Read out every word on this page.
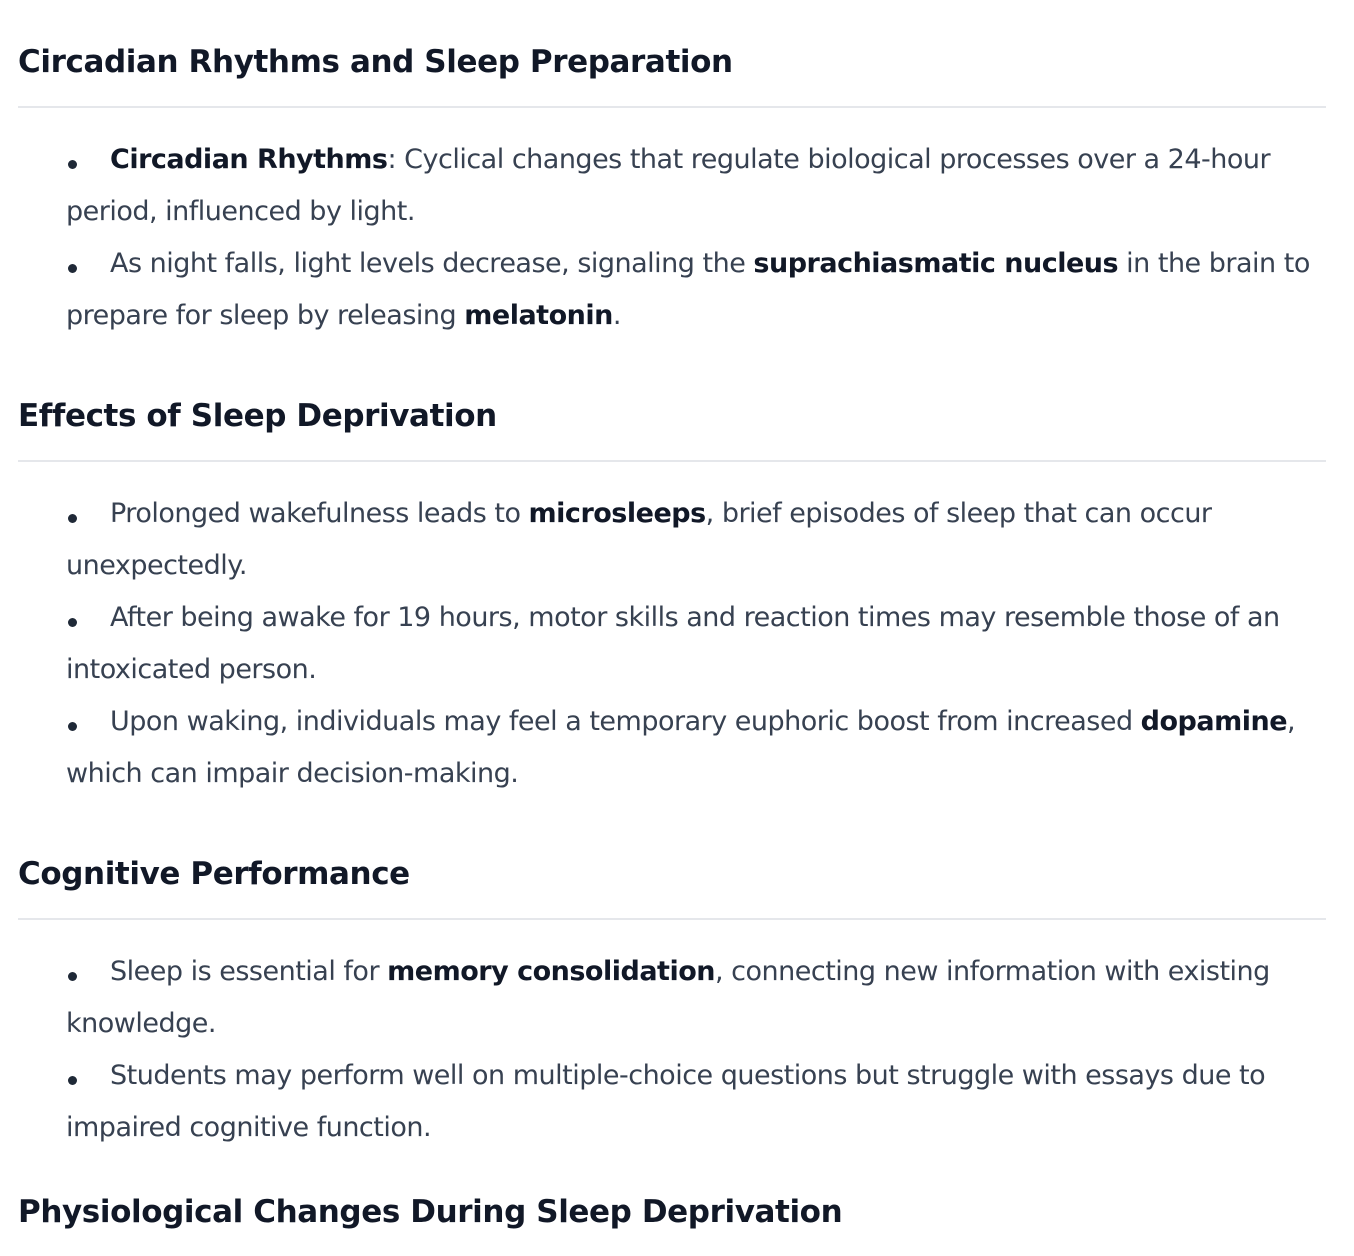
Circadian Rhythms and Sleep Preparation
Circadian Rhythms: Cyclical changes that regulate biological processes over a 24-hour period, influenced by light.
As night falls, light levels decrease, signaling the suprachiasmatic nucleus in the brain to prepare for sleep by releasing melatonin.
Effects of Sleep Deprivation
Prolonged wakefulness leads to microsleeps, brief episodes of sleep that can occur unexpectedly.
After being awake for 19 hours, motor skills and reaction times may resemble those of an intoxicated person.
Upon waking, individuals may feel a temporary euphoric boost from increased dopamine, which can impair decision-making.
Cognitive Performance
Sleep is essential for memory consolidation, connecting new information with existing knowledge.
Students may perform well on multiple-choice questions but struggle with essays due to impaired cognitive function.
Physiological Changes During Sleep Deprivation
